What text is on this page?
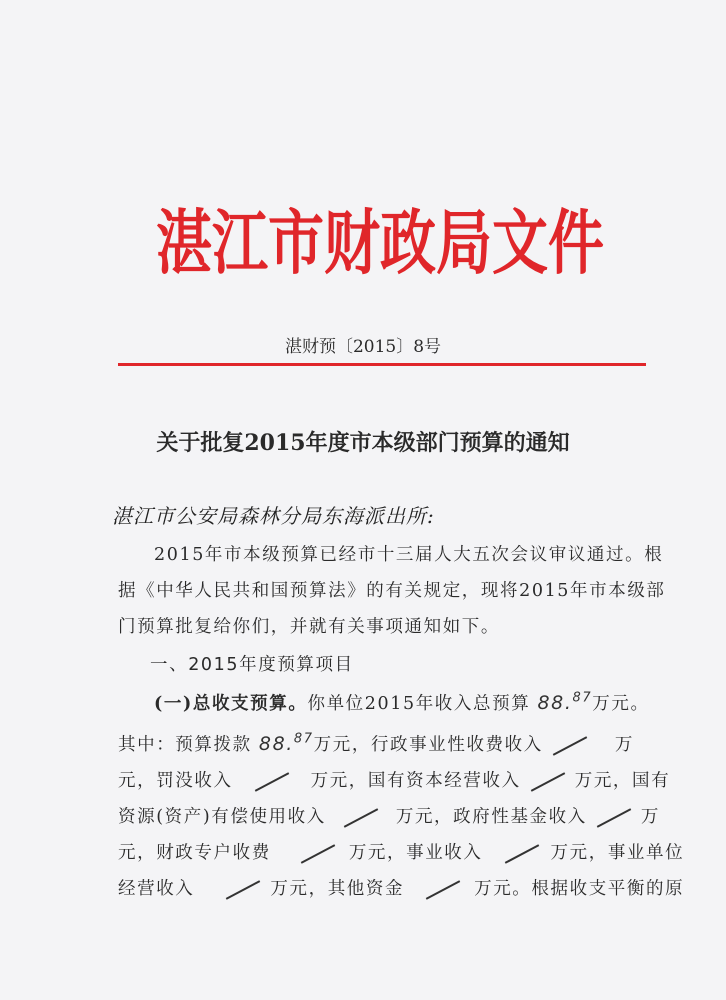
湛江市财政局文件
湛财预〔2015〕8号
关于批复2015年度市本级部门预算的通知
湛江市公安局森林分局东海派出所:
2015年市本级预算已经市十三届人大五次会议审议通过。根
据《中华人民共和国预算法》的有关规定，现将2015年市本级部
门预算批复给你们，并就有关事项通知如下。
一、2015年度预算项目
(一)总收支预算。你单位2015年收入总预算 88.87万元。
其中：预算拨款 88.87万元，行政事业性收费收入	万
元，罚没收入	万元，国有资本经营收入	万元，国有
资源(资产)有偿使用收入	万元，政府性基金收入	万
元，财政专户收费	万元，事业收入	万元，事业单位
经营收入	万元，其他资金	万元。根据收支平衡的原
